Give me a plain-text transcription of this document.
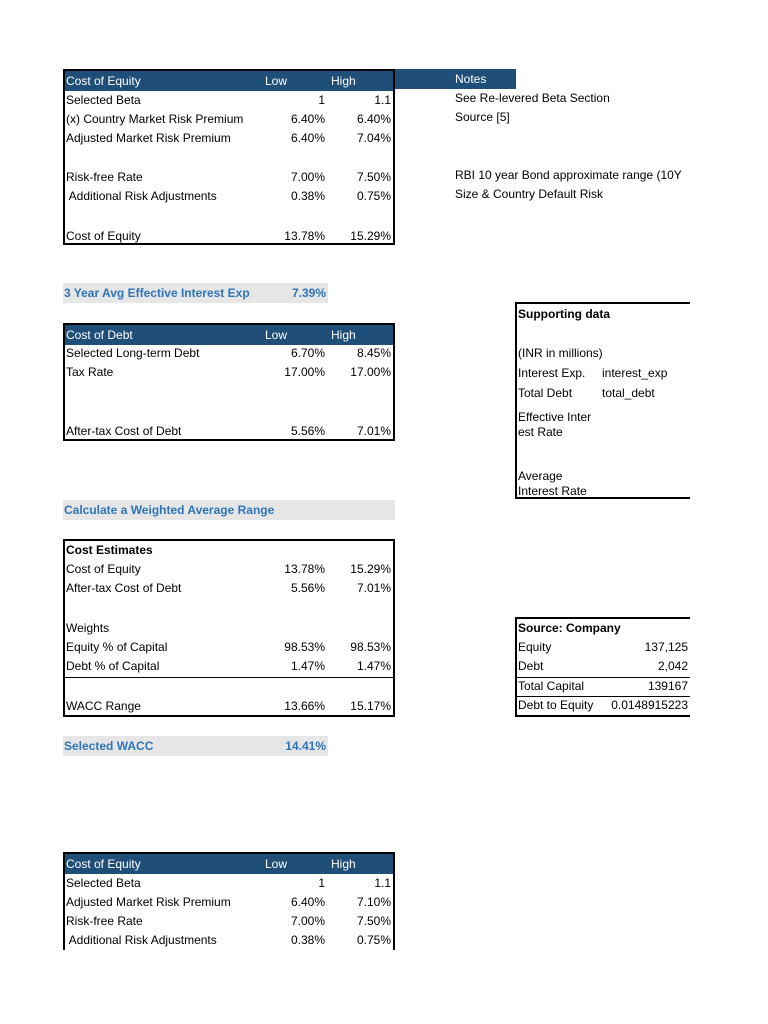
Cost of Equity	Low	High
Selected Beta	1	1.1
(x) Country Market Risk Premium	6.40%	6.40%
Adjusted Market Risk Premium	6.40%	7.04%
Risk-free Rate	7.00%	7.50%
Additional Risk Adjustments	0.38%	0.75%
Cost of Equity	13.78% 15.29%
Notes
See Re-levered Beta Section
Source [5]
RBI 10 year Bond approximate range (10Y
Size & Country Default Risk
3 Year Avg Effective Interest Exp	7.39%
Cost of Debt	Low	High
Selected Long-term Debt	6.70%	8.45%
Tax Rate	17.00% 17.00%
After-tax Cost of Debt	5.56%	7.01%
Supporting data
(INR in millions)
Interest Exp. interest_exp
Total Debt total_debt
Effective Inter
est Rate
Average
Interest Rate
Calculate a Weighted Average Range
Cost Estimates
Cost of Equity	13.78% 15.29%
After-tax Cost of Debt	5.56%	7.01%
Weights
Equity % of Capital	98.53% 98.53%
Debt % of Capital	1.47%	1.47%
WACC Range	13.66% 15.17%
Source: Company
Equity	137,125
Debt	2,042
Total Capital	139167
Debt to Equity 0.0148915223
Selected WACC	14.41%
Cost of Equity	Low	High
Selected Beta	1	1.1
Adjusted Market Risk Premium	6.40%	7.10%
Risk-free Rate	7.00%	7.50%
Additional Risk Adjustments	0.38%	0.75%
